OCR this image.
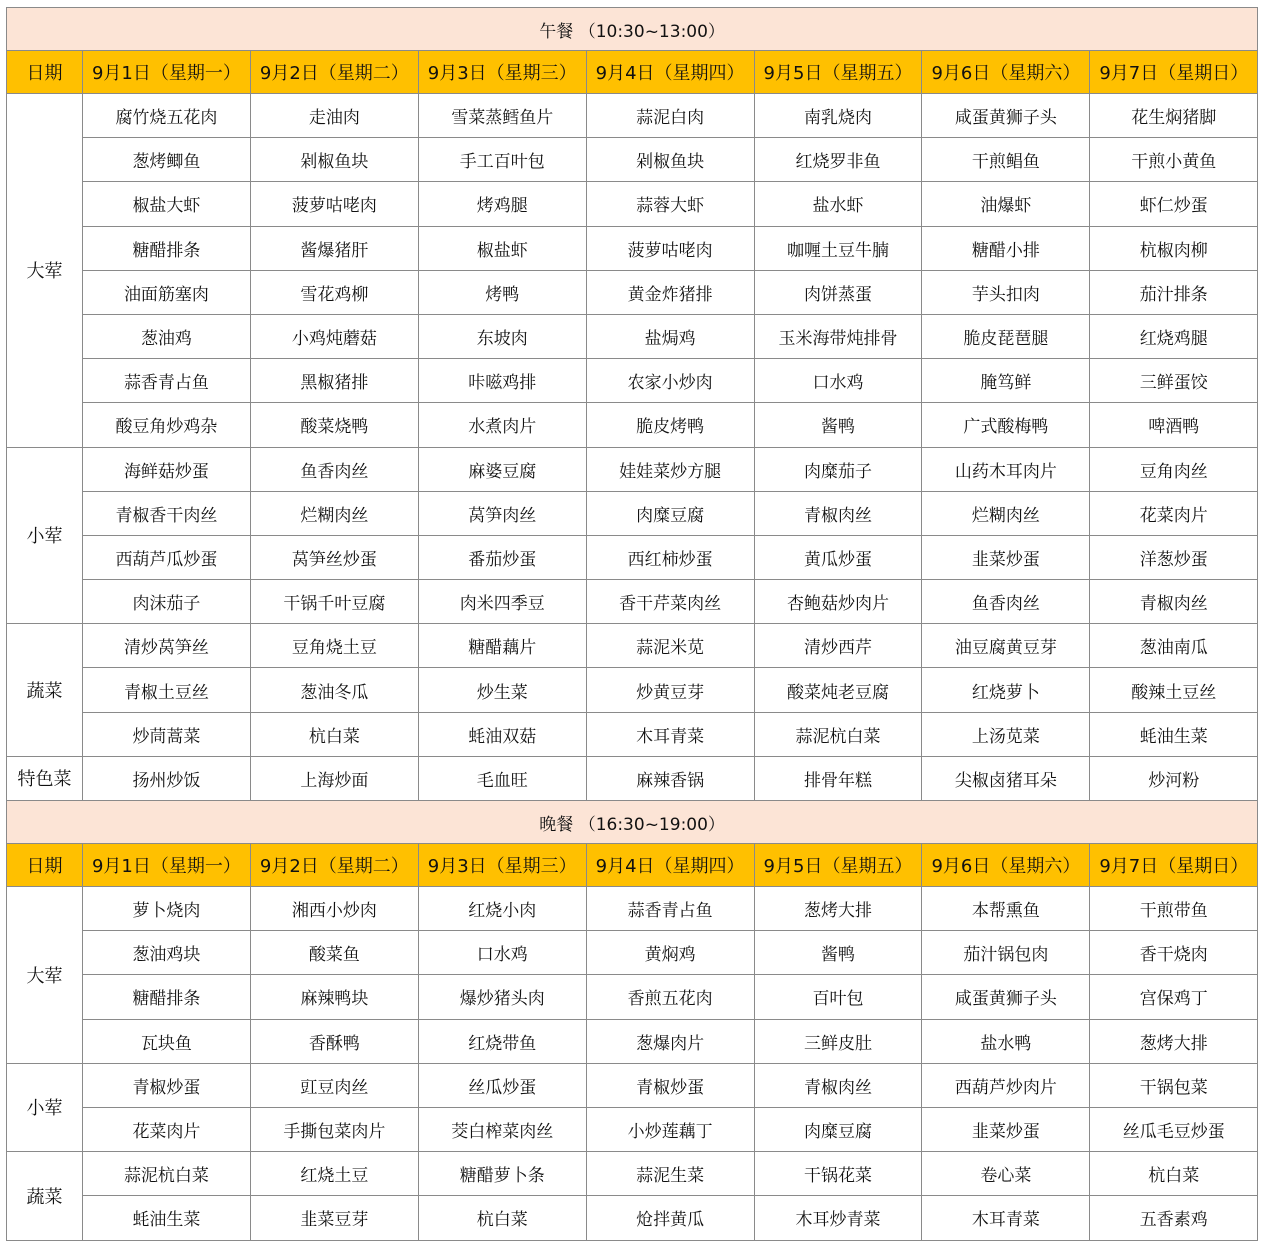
午餐 （10:30~13:00）							
日期	9月1日（星期一）	9月2日（星期二）	9月3日（星期三）	9月4日（星期四）	9月5日（星期五）	9月6日（星期六）	9月7日（星期日）
大荤	腐竹烧五花肉	走油肉	雪菜蒸鳕鱼片	蒜泥白肉	南乳烧肉	咸蛋黄狮子头	花生焖猪脚
	葱烤鲫鱼	剁椒鱼块	手工百叶包	剁椒鱼块	红烧罗非鱼	干煎鲳鱼	干煎小黄鱼
	椒盐大虾	菠萝咕咾肉	烤鸡腿	蒜蓉大虾	盐水虾	油爆虾	虾仁炒蛋
	糖醋排条	酱爆猪肝	椒盐虾	菠萝咕咾肉	咖喱土豆牛腩	糖醋小排	杭椒肉柳
	油面筋塞肉	雪花鸡柳	烤鸭	黄金炸猪排	肉饼蒸蛋	芋头扣肉	茄汁排条
	葱油鸡	小鸡炖蘑菇	东坡肉	盐焗鸡	玉米海带炖排骨	脆皮琵琶腿	红烧鸡腿
	蒜香青占鱼	黑椒猪排	咔嗞鸡排	农家小炒肉	口水鸡	腌笃鲜	三鲜蛋饺
	酸豆角炒鸡杂	酸菜烧鸭	水煮肉片	脆皮烤鸭	酱鸭	广式酸梅鸭	啤酒鸭
小荤	海鲜菇炒蛋	鱼香肉丝	麻婆豆腐	娃娃菜炒方腿	肉糜茄子	山药木耳肉片	豆角肉丝
	青椒香干肉丝	烂糊肉丝	莴笋肉丝	肉糜豆腐	青椒肉丝	烂糊肉丝	花菜肉片
	西葫芦瓜炒蛋	莴笋丝炒蛋	番茄炒蛋	西红柿炒蛋	黄瓜炒蛋	韭菜炒蛋	洋葱炒蛋
	肉沫茄子	干锅千叶豆腐	肉米四季豆	香干芹菜肉丝	杏鲍菇炒肉片	鱼香肉丝	青椒肉丝
蔬菜	清炒莴笋丝	豆角烧土豆	糖醋藕片	蒜泥米苋	清炒西芹	油豆腐黄豆芽	葱油南瓜
	青椒土豆丝	葱油冬瓜	炒生菜	炒黄豆芽	酸菜炖老豆腐	红烧萝卜	酸辣土豆丝
	炒茼蒿菜	杭白菜	蚝油双菇	木耳青菜	蒜泥杭白菜	上汤苋菜	蚝油生菜
特色菜	扬州炒饭	上海炒面	毛血旺	麻辣香锅	排骨年糕	尖椒卤猪耳朵	炒河粉
晚餐 （16:30~19:00）							
日期	9月1日（星期一）	9月2日（星期二）	9月3日（星期三）	9月4日（星期四）	9月5日（星期五）	9月6日（星期六）	9月7日（星期日）
大荤	萝卜烧肉	湘西小炒肉	红烧小肉	蒜香青占鱼	葱烤大排	本帮熏鱼	干煎带鱼
	葱油鸡块	酸菜鱼	口水鸡	黄焖鸡	酱鸭	茄汁锅包肉	香干烧肉
	糖醋排条	麻辣鸭块	爆炒猪头肉	香煎五花肉	百叶包	咸蛋黄狮子头	宫保鸡丁
	瓦块鱼	香酥鸭	红烧带鱼	葱爆肉片	三鲜皮肚	盐水鸭	葱烤大排
小荤	青椒炒蛋	豇豆肉丝	丝瓜炒蛋	青椒炒蛋	青椒肉丝	西葫芦炒肉片	干锅包菜
	花菜肉片	手撕包菜肉片	茭白榨菜肉丝	小炒莲藕丁	肉糜豆腐	韭菜炒蛋	丝瓜毛豆炒蛋
蔬菜	蒜泥杭白菜	红烧土豆	糖醋萝卜条	蒜泥生菜	干锅花菜	卷心菜	杭白菜
	蚝油生菜	韭菜豆芽	杭白菜	炝拌黄瓜	木耳炒青菜	木耳青菜	五香素鸡
